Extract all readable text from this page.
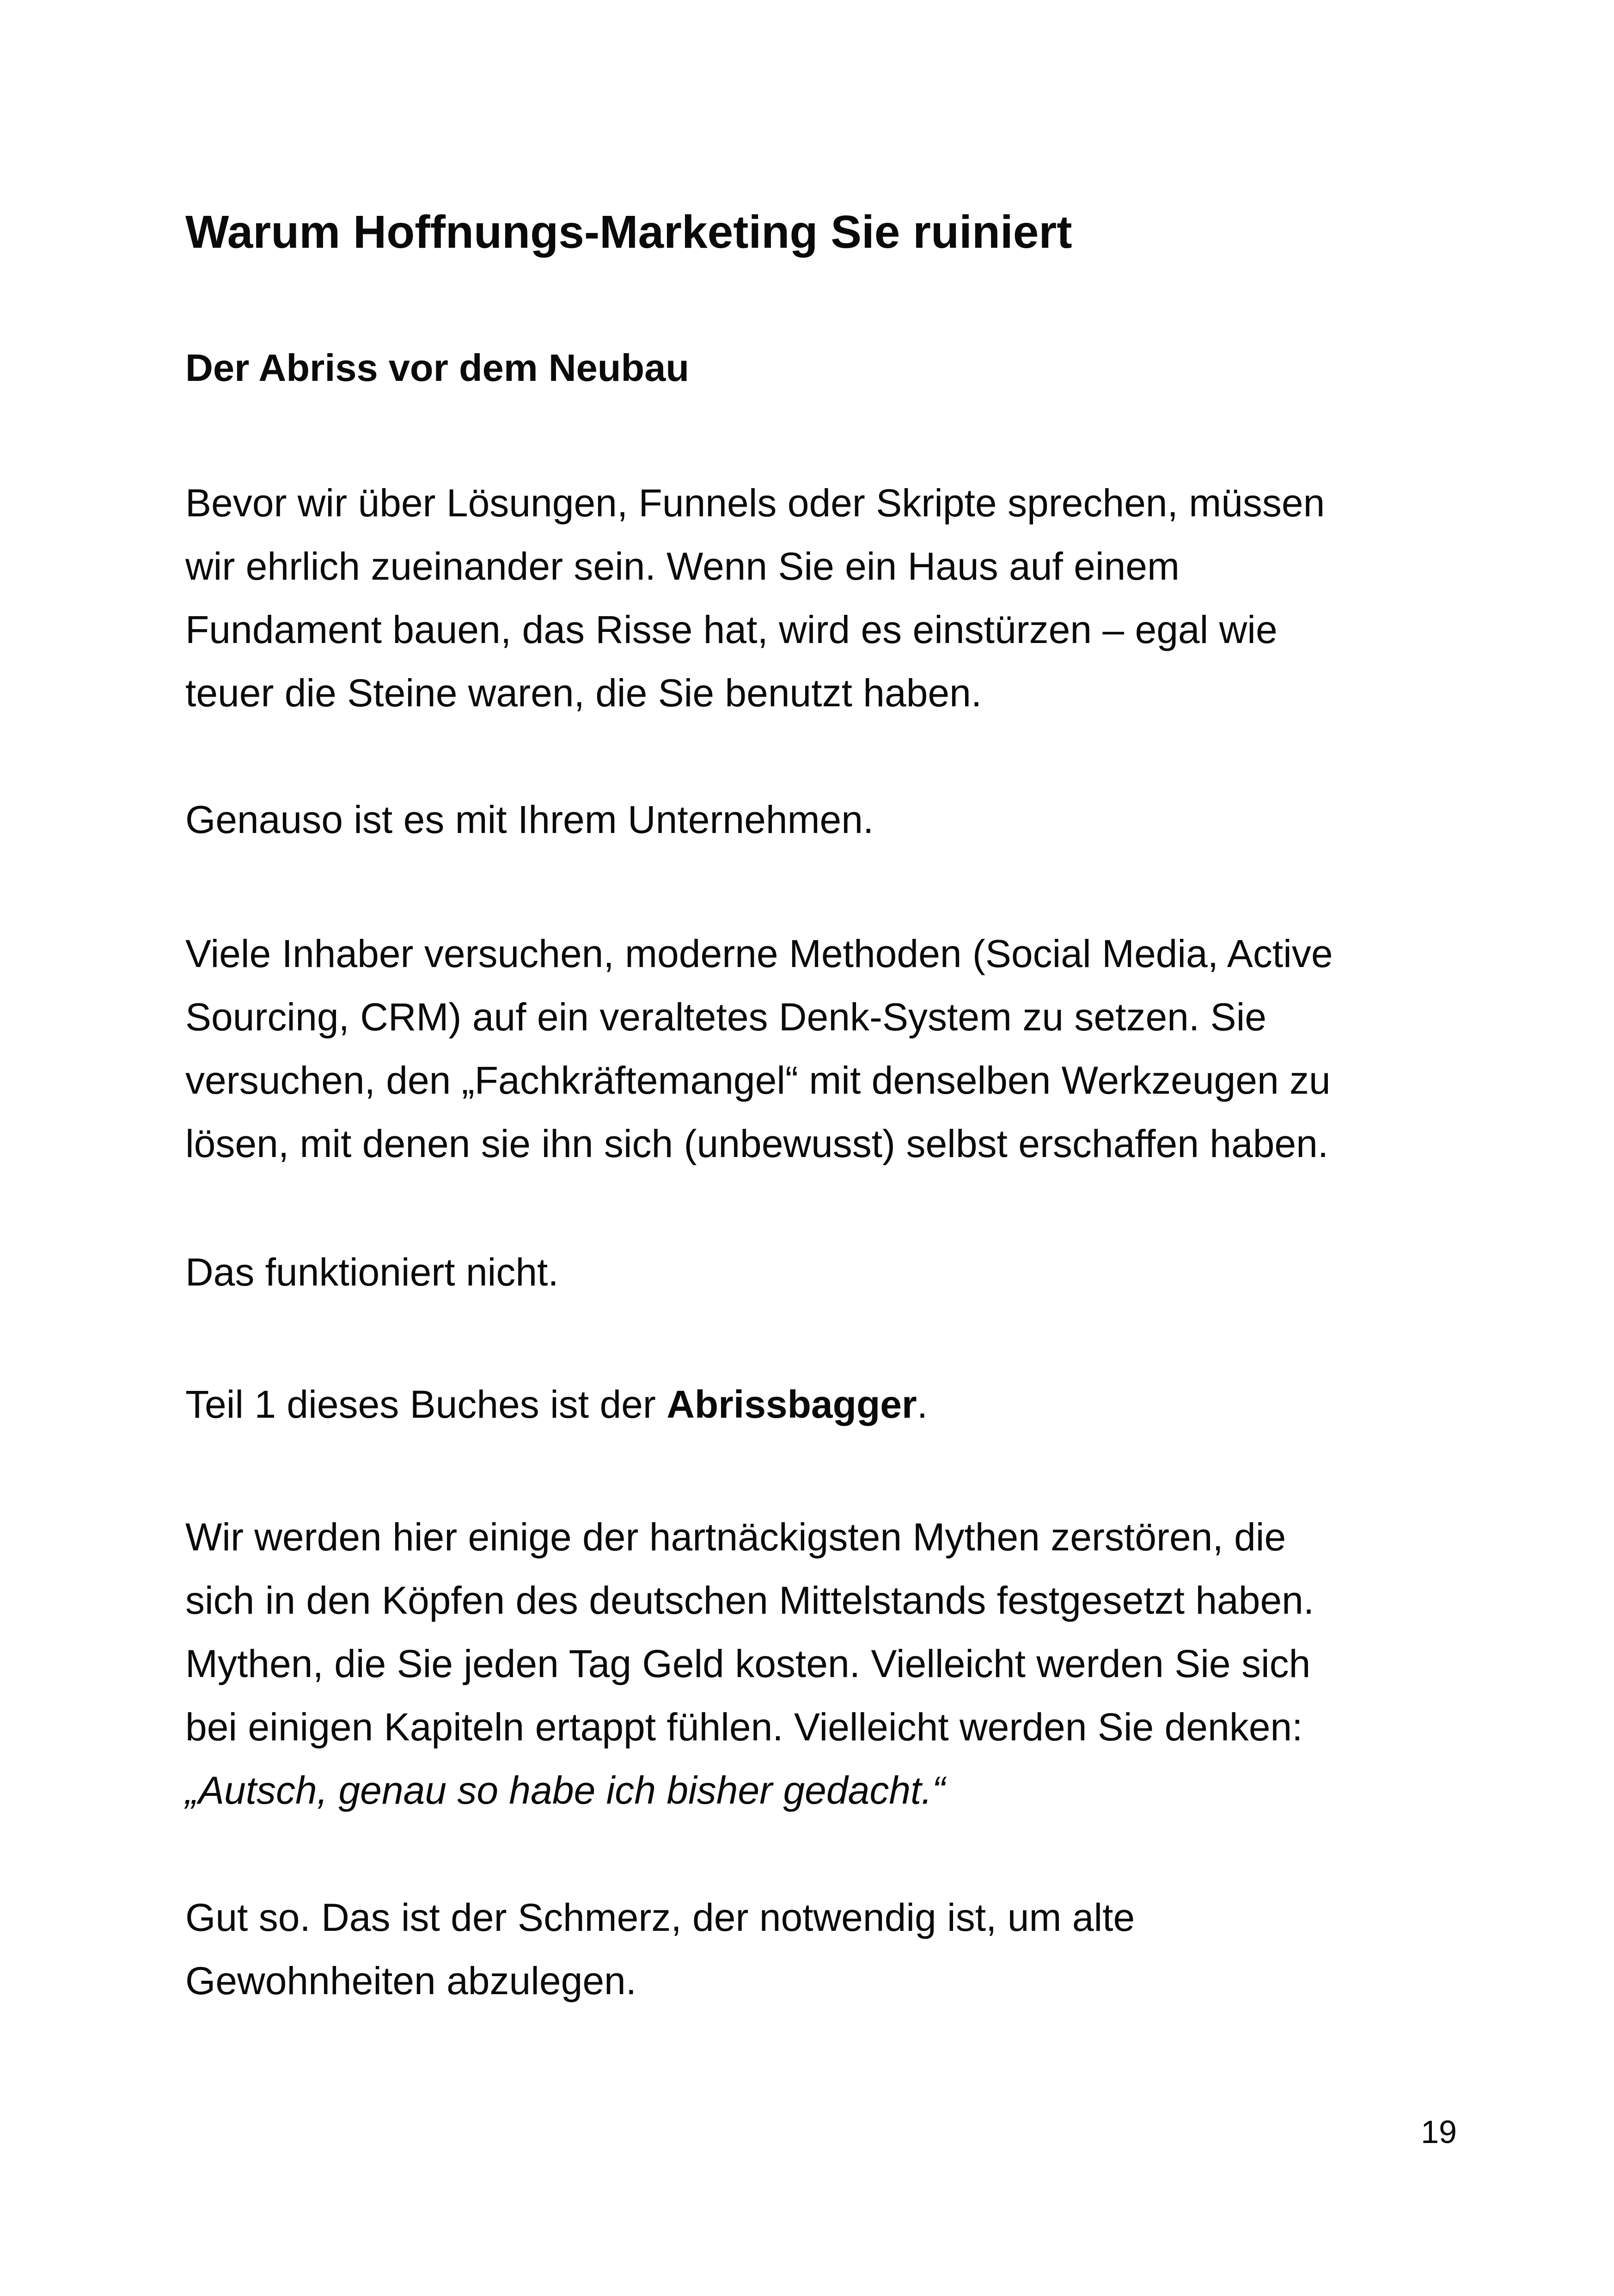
Warum Hoffnungs-Marketing Sie ruiniert
Der Abriss vor dem Neubau

Bevor wir über Lösungen, Funnels oder Skripte sprechen, müssen
wir ehrlich zueinander sein. Wenn Sie ein Haus auf einem
Fundament bauen, das Risse hat, wird es einstürzen – egal wie
teuer die Steine waren, die Sie benutzt haben.

Genauso ist es mit Ihrem Unternehmen.

Viele Inhaber versuchen, moderne Methoden (Social Media, Active
Sourcing, CRM) auf ein veraltetes Denk-System zu setzen. Sie
versuchen, den „Fachkräftemangel“ mit denselben Werkzeugen zu
lösen, mit denen sie ihn sich (unbewusst) selbst erschaffen haben.

Das funktioniert nicht.

Teil 1 dieses Buches ist der Abrissbagger.

Wir werden hier einige der hartnäckigsten Mythen zerstören, die
sich in den Köpfen des deutschen Mittelstands festgesetzt haben.
Mythen, die Sie jeden Tag Geld kosten. Vielleicht werden Sie sich
bei einigen Kapiteln ertappt fühlen. Vielleicht werden Sie denken:
„Autsch, genau so habe ich bisher gedacht.“

Gut so. Das ist der Schmerz, der notwendig ist, um alte
Gewohnheiten abzulegen.

19
